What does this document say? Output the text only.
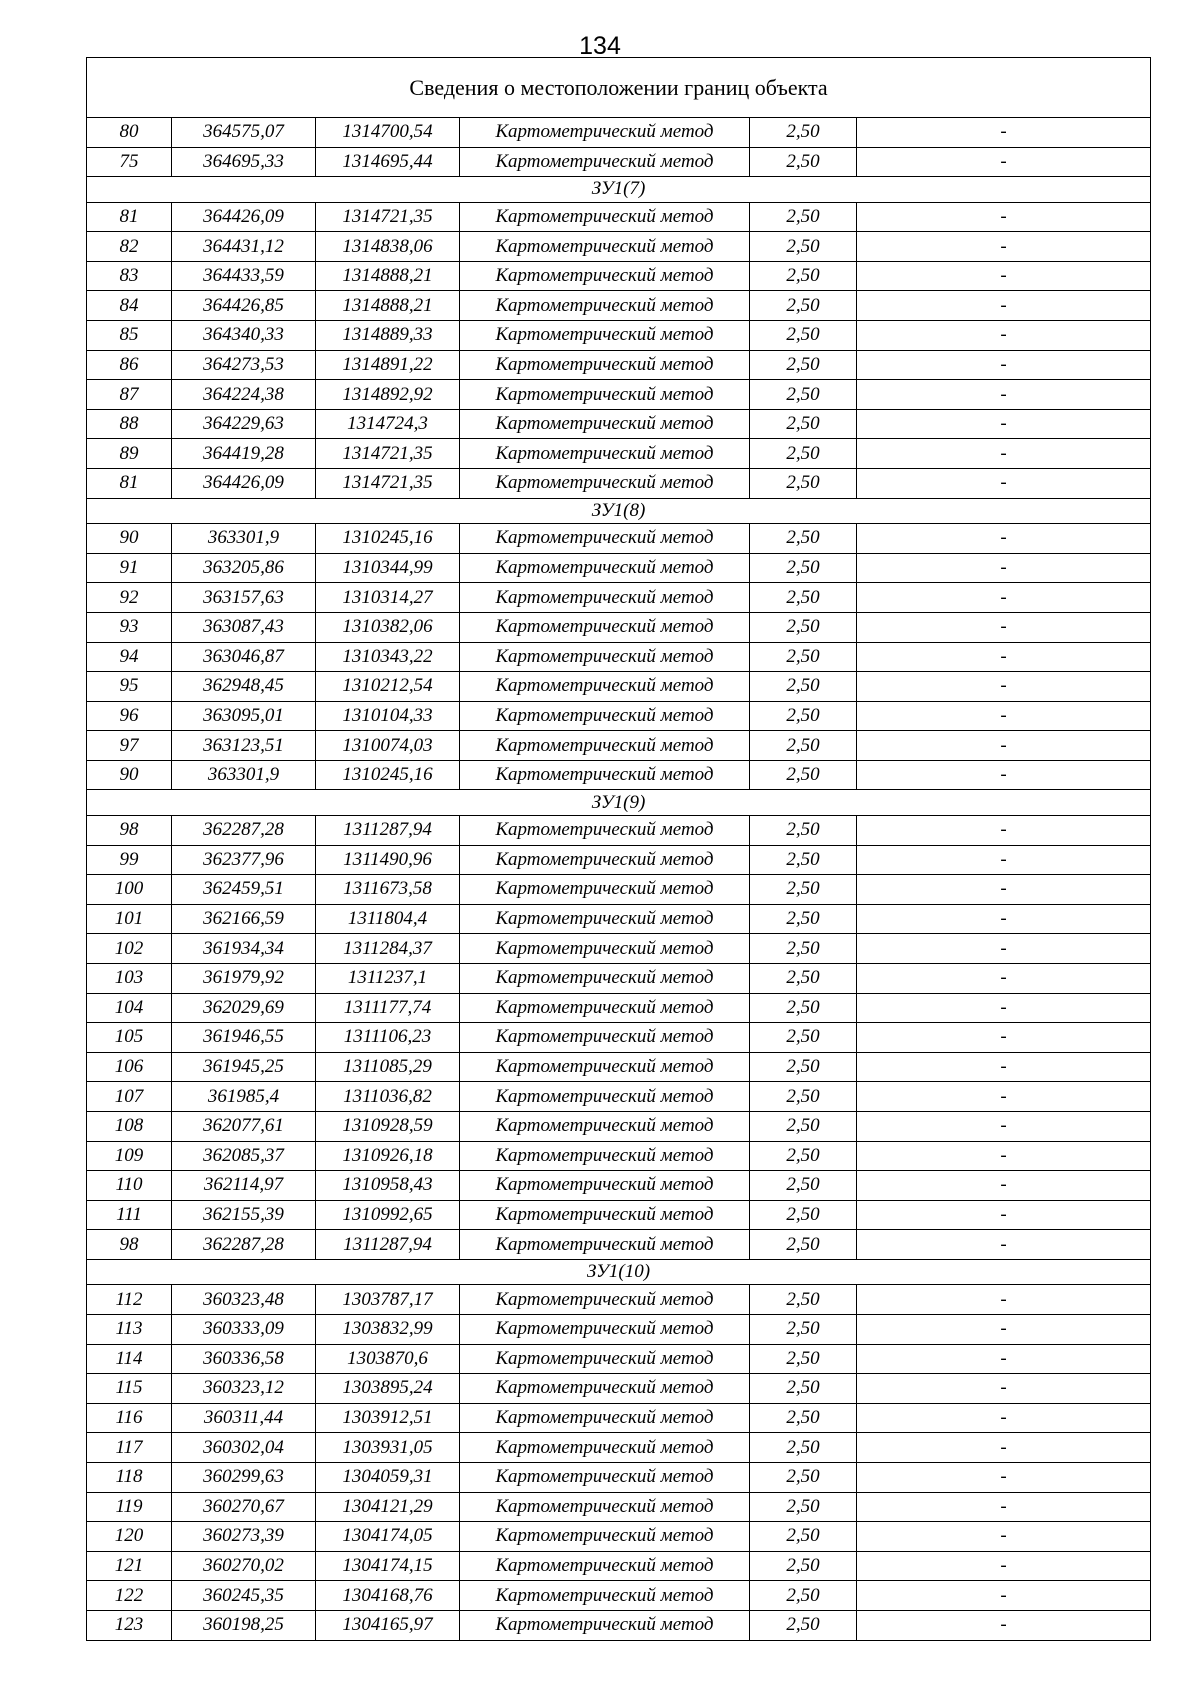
134
Сведения о местоположении границ объекта					
80	364575,07	1314700,54	Картометрический метод	2,50	-
75	364695,33	1314695,44	Картометрический метод	2,50	-
ЗУ1(7)					
81	364426,09	1314721,35	Картометрический метод	2,50	-
82	364431,12	1314838,06	Картометрический метод	2,50	-
83	364433,59	1314888,21	Картометрический метод	2,50	-
84	364426,85	1314888,21	Картометрический метод	2,50	-
85	364340,33	1314889,33	Картометрический метод	2,50	-
86	364273,53	1314891,22	Картометрический метод	2,50	-
87	364224,38	1314892,92	Картометрический метод	2,50	-
88	364229,63	1314724,3	Картометрический метод	2,50	-
89	364419,28	1314721,35	Картометрический метод	2,50	-
81	364426,09	1314721,35	Картометрический метод	2,50	-
ЗУ1(8)					
90	363301,9	1310245,16	Картометрический метод	2,50	-
91	363205,86	1310344,99	Картометрический метод	2,50	-
92	363157,63	1310314,27	Картометрический метод	2,50	-
93	363087,43	1310382,06	Картометрический метод	2,50	-
94	363046,87	1310343,22	Картометрический метод	2,50	-
95	362948,45	1310212,54	Картометрический метод	2,50	-
96	363095,01	1310104,33	Картометрический метод	2,50	-
97	363123,51	1310074,03	Картометрический метод	2,50	-
90	363301,9	1310245,16	Картометрический метод	2,50	-
ЗУ1(9)					
98	362287,28	1311287,94	Картометрический метод	2,50	-
99	362377,96	1311490,96	Картометрический метод	2,50	-
100	362459,51	1311673,58	Картометрический метод	2,50	-
101	362166,59	1311804,4	Картометрический метод	2,50	-
102	361934,34	1311284,37	Картометрический метод	2,50	-
103	361979,92	1311237,1	Картометрический метод	2,50	-
104	362029,69	1311177,74	Картометрический метод	2,50	-
105	361946,55	1311106,23	Картометрический метод	2,50	-
106	361945,25	1311085,29	Картометрический метод	2,50	-
107	361985,4	1311036,82	Картометрический метод	2,50	-
108	362077,61	1310928,59	Картометрический метод	2,50	-
109	362085,37	1310926,18	Картометрический метод	2,50	-
110	362114,97	1310958,43	Картометрический метод	2,50	-
111	362155,39	1310992,65	Картометрический метод	2,50	-
98	362287,28	1311287,94	Картометрический метод	2,50	-
ЗУ1(10)					
112	360323,48	1303787,17	Картометрический метод	2,50	-
113	360333,09	1303832,99	Картометрический метод	2,50	-
114	360336,58	1303870,6	Картометрический метод	2,50	-
115	360323,12	1303895,24	Картометрический метод	2,50	-
116	360311,44	1303912,51	Картометрический метод	2,50	-
117	360302,04	1303931,05	Картометрический метод	2,50	-
118	360299,63	1304059,31	Картометрический метод	2,50	-
119	360270,67	1304121,29	Картометрический метод	2,50	-
120	360273,39	1304174,05	Картометрический метод	2,50	-
121	360270,02	1304174,15	Картометрический метод	2,50	-
122	360245,35	1304168,76	Картометрический метод	2,50	-
123	360198,25	1304165,97	Картометрический метод	2,50	-
